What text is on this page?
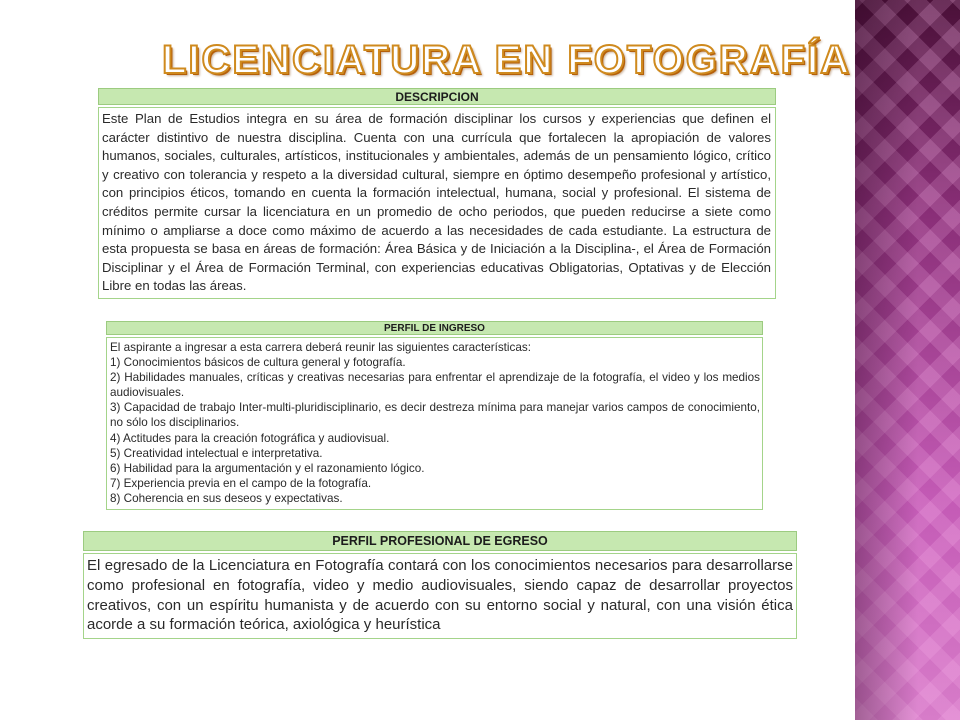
LICENCIATURA EN FOTOGRAFÍA
DESCRIPCION
Este Plan de Estudios integra en su área de formación disciplinar los cursos y experiencias que definen el carácter distintivo de nuestra disciplina. Cuenta con una currícula que fortalecen la apropiación de valores humanos, sociales, culturales, artísticos, institucionales y ambientales, además de un pensamiento lógico, crítico y creativo con tolerancia y respeto a la diversidad cultural, siempre en óptimo desempeño profesional y artístico, con principios éticos, tomando en cuenta la formación intelectual, humana, social y profesional. El sistema de créditos permite cursar la licenciatura en un promedio de ocho periodos, que pueden reducirse a siete como mínimo o ampliarse a doce como máximo de acuerdo a las necesidades de cada estudiante. La estructura de esta propuesta se basa en áreas de formación: Área Básica y de Iniciación a la Disciplina-, el Área de Formación Disciplinar y el Área de Formación Terminal, con experiencias educativas Obligatorias, Optativas y de Elección Libre en todas las áreas.
PERFIL DE INGRESO
El aspirante a ingresar a esta carrera deberá reunir las siguientes características:
1) Conocimientos básicos de cultura general y fotografía.
2) Habilidades manuales, críticas y creativas necesarias para enfrentar el aprendizaje de la fotografía, el video y los medios audiovisuales.
3) Capacidad de trabajo Inter-multi-pluridisciplinario, es decir destreza mínima para manejar varios campos de conocimiento, no sólo los disciplinarios.
4) Actitudes para la creación fotográfica y audiovisual.
5) Creatividad intelectual e interpretativa.
6) Habilidad para la argumentación y el razonamiento lógico.
7) Experiencia previa en el campo de la fotografía.
8) Coherencia en sus deseos y expectativas.
PERFIL PROFESIONAL DE EGRESO
El egresado de la Licenciatura en Fotografía contará con los conocimientos necesarios para desarrollarse como profesional en fotografía, video y medio audiovisuales, siendo capaz de desarrollar proyectos creativos, con un espíritu humanista y de acuerdo con su entorno social y natural, con una visión ética acorde a su formación teórica, axiológica y heurística
